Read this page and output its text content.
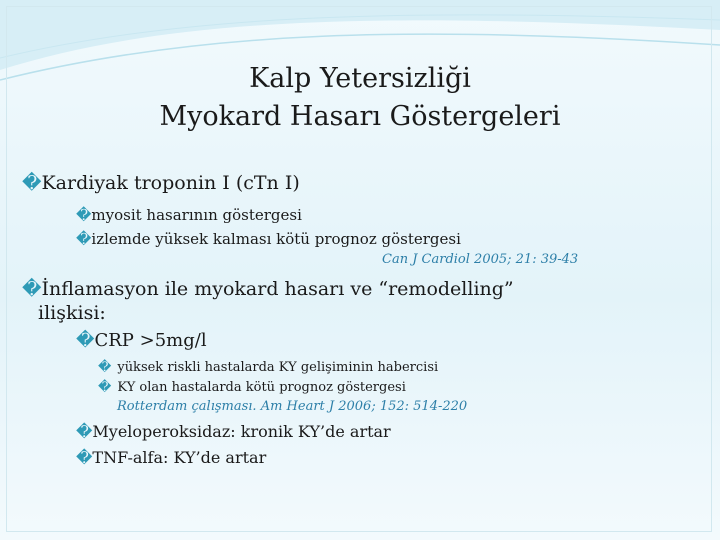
Kalp Yetersizliği
Myokard Hasarı Göstergeleri
�Kardiyak troponin I (cTn I)
�myosit hasarının göstergesi
�izlemde yüksek kalması kötü prognoz göstergesi
Can J Cardiol 2005; 21: 39-43
�İnflamasyon ile myokard hasarı ve “remodelling”
ilişkisi:
�CRP >5mg/l
� yüksek riskli hastalarda KY gelişiminin habercisi
� KY olan hastalarda kötü prognoz göstergesi
Rotterdam çalışması. Am Heart J 2006; 152: 514-220
�Myeloperoksidaz: kronik KY’de artar
�TNF-alfa: KY’de artar
